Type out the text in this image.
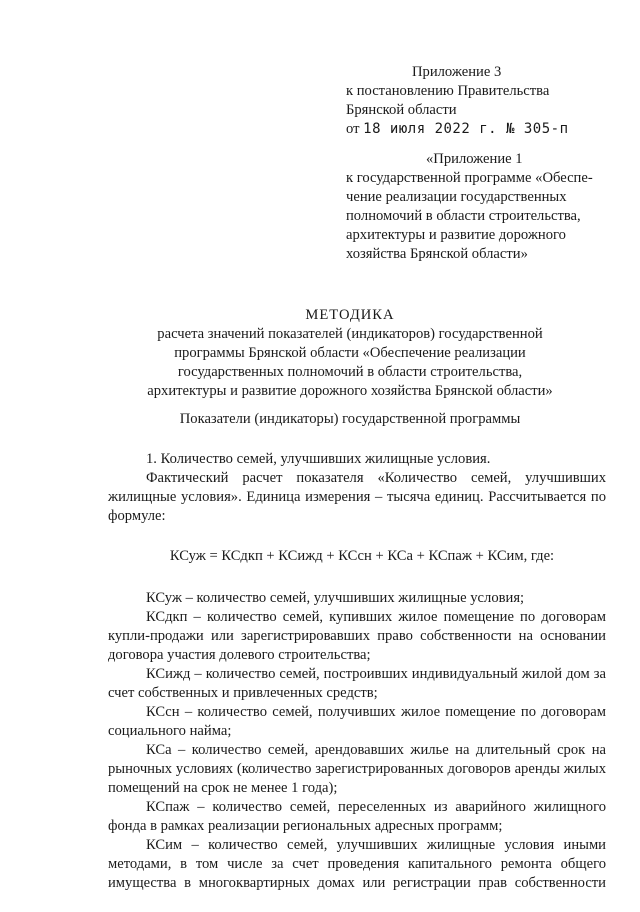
Приложение 3
к постановлению Правительства
Брянской области
от 18 июля 2022 г. № 305-п
«Приложение 1
к государственной программе «Обеспе-
чение реализации государственных
полномочий в области строительства,
архитектуры и развитие дорожного
хозяйства Брянской области»
МЕТОДИКА
расчета значений показателей (индикаторов) государственной
программы Брянской области «Обеспечение реализации
государственных полномочий в области строительства,
архитектуры и развитие дорожного хозяйства Брянской области»
Показатели (индикаторы) государственной программы

1. Количество семей, улучшивших жилищные условия.

Фактический расчет показателя «Количество семей, улучшивших жилищные условия». Единица измерения – тысяча единиц. Рассчитывается по формуле:

КСуж = КСдкп + КСижд + КСсн + КСа + КСпаж + КСим, где:

КСуж – количество семей, улучшивших жилищные условия;

КСдкп – количество семей, купивших жилое помещение по договорам купли-продажи или зарегистрировавших право собственности на основании договора участия долевого строительства;

КСижд – количество семей, построивших индивидуальный жилой дом за счет собственных и привлеченных средств;

КСсн – количество семей, получивших жилое помещение по договорам социального найма;

КСа – количество семей, арендовавших жилье на длительный срок на рыночных условиях (количество зарегистрированных договоров аренды жилых помещений на срок не менее 1 года);

КСпаж – количество семей, переселенных из аварийного жилищного фонда в рамках реализации региональных адресных программ;

КСим – количество семей, улучшивших жилищные условия иными методами, в том числе за счет проведения капитального ремонта общего имущества в многоквартирных домах или регистрации прав собственности
